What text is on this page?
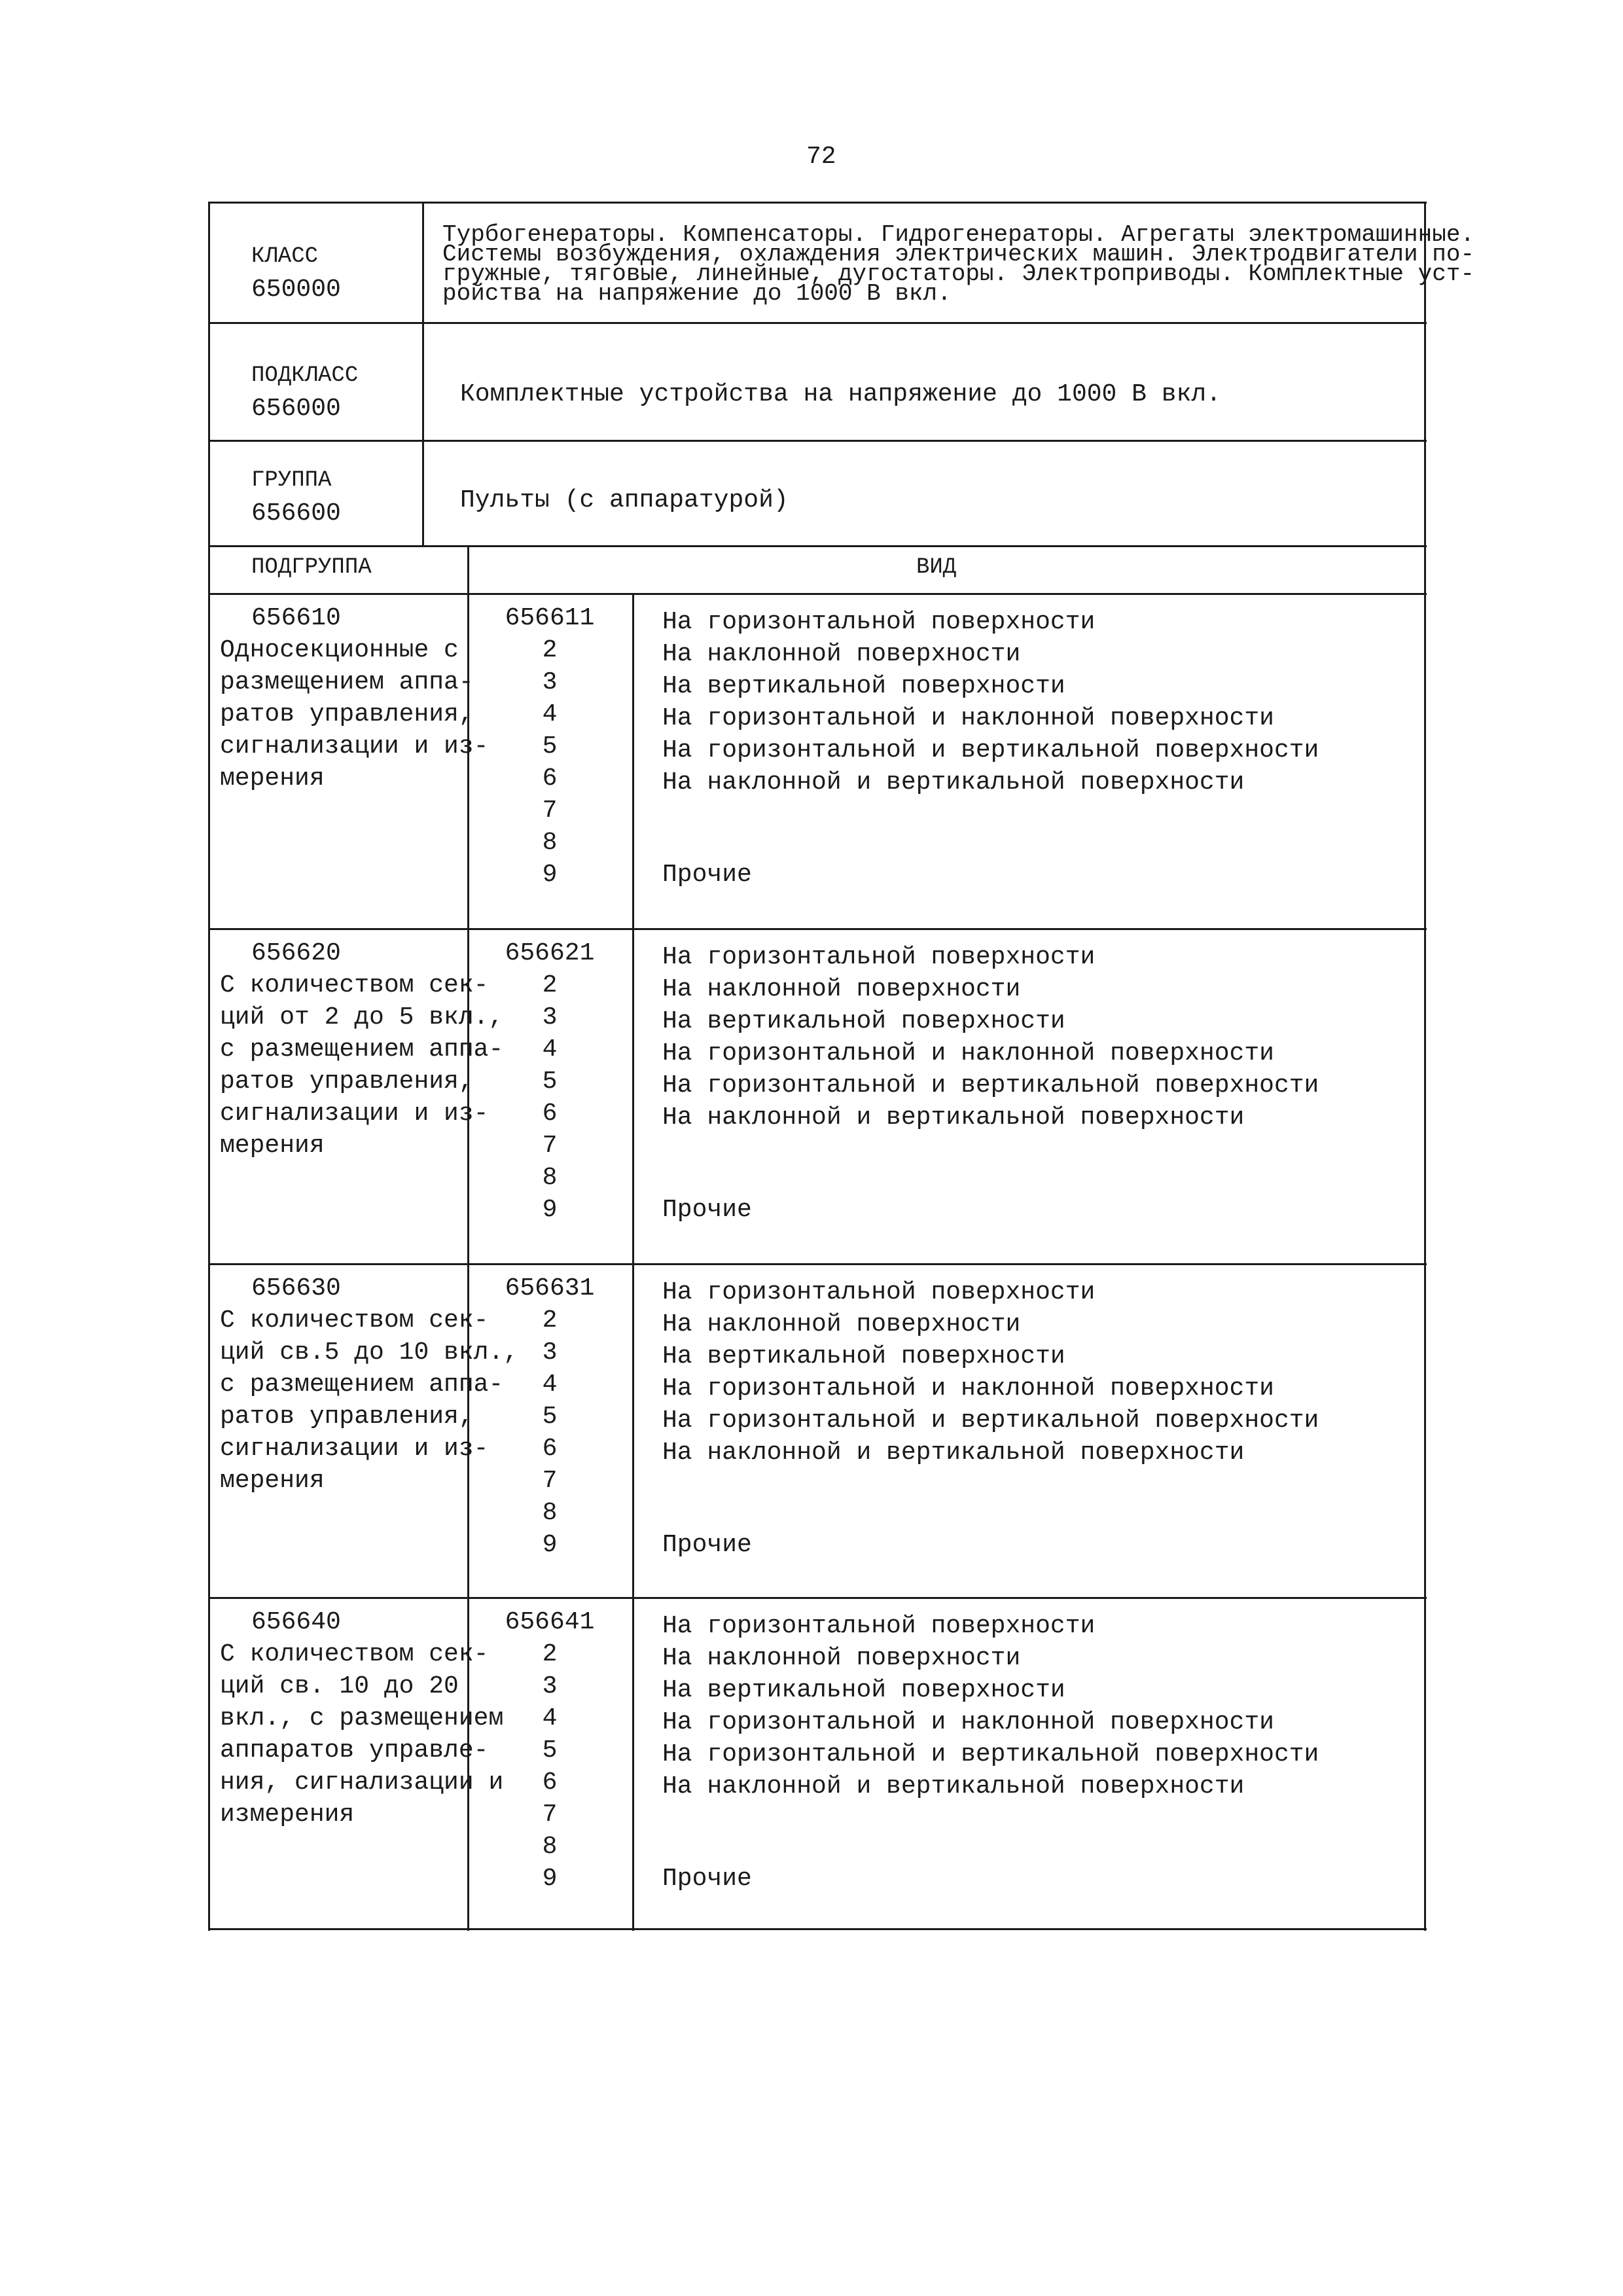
72
КЛАСС
650000
Турбогенераторы. Компенсаторы. Гидрогенераторы. Агрегаты электромашинные.
Системы возбуждения, охлаждения электрических машин. Электродвигатели по-
гружные, тяговые, линейные, дугостаторы. Электроприводы. Комплектные уст-
ройства на напряжение до 1000 В вкл.
ПОДКЛАСС
656000
Комплектные устройства на напряжение до 1000 В вкл.
ГРУППА
656600	Пульты (с аппаратурой)
ПОДГРУППА	ВИД
656610
Односекционные с
размещением аппа-
ратов управления,
сигнализации и из-
мерения
656611
2
3
4
5
6
7
8
9
На горизонтальной поверхности
На наклонной поверхности
На вертикальной поверхности
На горизонтальной и наклонной поверхности
На горизонтальной и вертикальной поверхности
На наклонной и вертикальной поверхности
Прочие
656620
С количеством сек-
ций от 2 до 5 вкл.,
с размещением аппа-
ратов управления,
сигнализации и из-
мерения
656621
2
3
4
5
6
7
8
9
На горизонтальной поверхности
На наклонной поверхности
На вертикальной поверхности
На горизонтальной и наклонной поверхности
На горизонтальной и вертикальной поверхности
На наклонной и вертикальной поверхности
Прочие
656630
С количеством сек-
ций св.5 до 10 вкл.,
с размещением аппа-
ратов управления,
сигнализации и из-
мерения
656631
2
3
4
5
6
7
8
9
На горизонтальной поверхности
На наклонной поверхности
На вертикальной поверхности
На горизонтальной и наклонной поверхности
На горизонтальной и вертикальной поверхности
На наклонной и вертикальной поверхности
Прочие
656640
С количеством сек-
ций св. 10 до 20
вкл., с размещением
аппаратов управле-
ния, сигнализации и
измерения
656641
2
3
4
5
6
7
8
9
На горизонтальной поверхности
На наклонной поверхности
На вертикальной поверхности
На горизонтальной и наклонной поверхности
На горизонтальной и вертикальной поверхности
На наклонной и вертикальной поверхности
Прочие
